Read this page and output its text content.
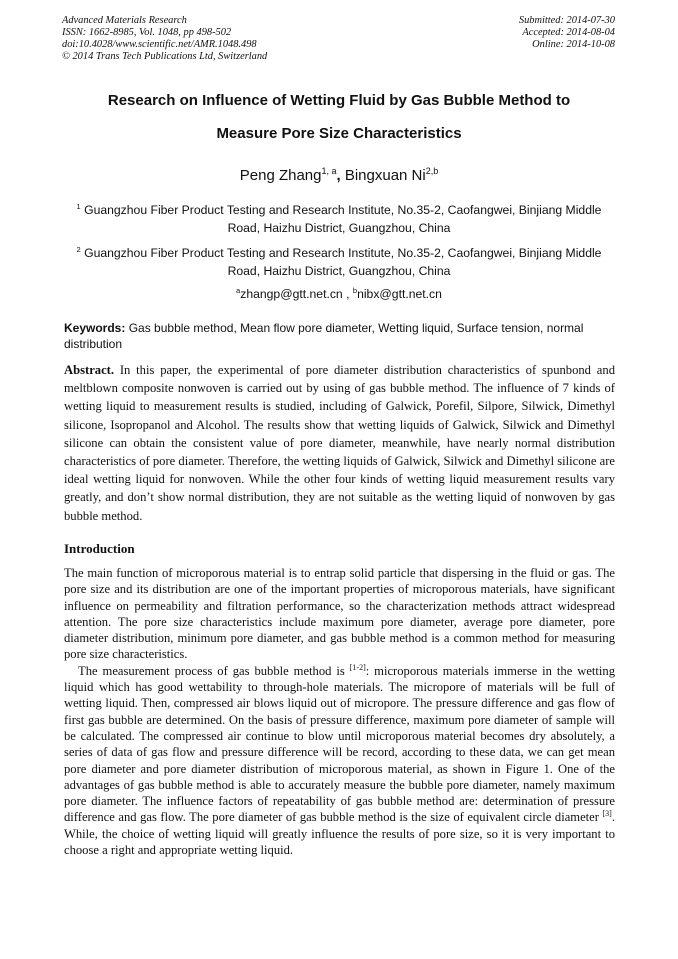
Advanced Materials Research
ISSN: 1662-8985, Vol. 1048, pp 498-502
doi:10.4028/www.scientific.net/AMR.1048.498
© 2014 Trans Tech Publications Ltd, Switzerland
Submitted: 2014-07-30
Accepted: 2014-08-04
Online: 2014-10-08
Research on Influence of Wetting Fluid by Gas Bubble Method to
Measure Pore Size Characteristics
Peng Zhang$^{1, a}$, Bingxuan Ni$^{2,b}$
$^1$ Guangzhou Fiber Product Testing and Research Institute, No.35-2, Caofangwei, Binjiang Middle Road, Haizhu District, Guangzhou, China
$^2$ Guangzhou Fiber Product Testing and Research Institute, No.35-2, Caofangwei, Binjiang Middle Road, Haizhu District, Guangzhou, China
$^a$zhangp@gtt.net.cn , $^b$nibx@gtt.net.cn
Keywords: Gas bubble method, Mean flow pore diameter, Wetting liquid, Surface tension, normal distribution
Abstract. In this paper, the experimental of pore diameter distribution characteristics of spunbond and meltblown composite nonwoven is carried out by using of gas bubble method. The influence of 7 kinds of wetting liquid to measurement results is studied, including of Galwick, Porefil, Silpore, Silwick, Dimethyl silicone, Isopropanol and Alcohol. The results show that wetting liquids of Galwick, Silwick and Dimethyl silicone can obtain the consistent value of pore diameter, meanwhile, have nearly normal distribution characteristics of pore diameter. Therefore, the wetting liquids of Galwick, Silwick and Dimethyl silicone are ideal wetting liquid for nonwoven. While the other four kinds of wetting liquid measurement results vary greatly, and don’t show normal distribution, they are not suitable as the wetting liquid of nonwoven by gas bubble method.
Introduction

The main function of microporous material is to entrap solid particle that dispersing in the fluid or gas. The pore size and its distribution are one of the important properties of microporous materials, have significant influence on permeability and filtration performance, so the characterization methods attract widespread attention. The pore size characteristics include maximum pore diameter, average pore diameter, pore diameter distribution, minimum pore diameter, and gas bubble method is a common method for measuring pore size characteristics.

The measurement process of gas bubble method is [1-2]: microporous materials immerse in the wetting liquid which has good wettability to through-hole materials. The micropore of materials will be full of wetting liquid. Then, compressed air blows liquid out of micropore. The pressure difference and gas flow of first gas bubble are determined. On the basis of pressure difference, maximum pore diameter of sample will be calculated. The compressed air continue to blow until microporous material becomes dry absolutely, a series of data of gas flow and pressure difference will be record, according to these data, we can get mean pore diameter and pore diameter distribution of microporous material, as shown in Figure 1. One of the advantages of gas bubble method is able to accurately measure the bubble pore diameter, namely maximum pore diameter. The influence factors of repeatability of gas bubble method are: determination of pressure difference and gas flow. The pore diameter of gas bubble method is the size of equivalent circle diameter [3]. While, the choice of wetting liquid will greatly influence the results of pore size, so it is very important to choose a right and appropriate wetting liquid.
